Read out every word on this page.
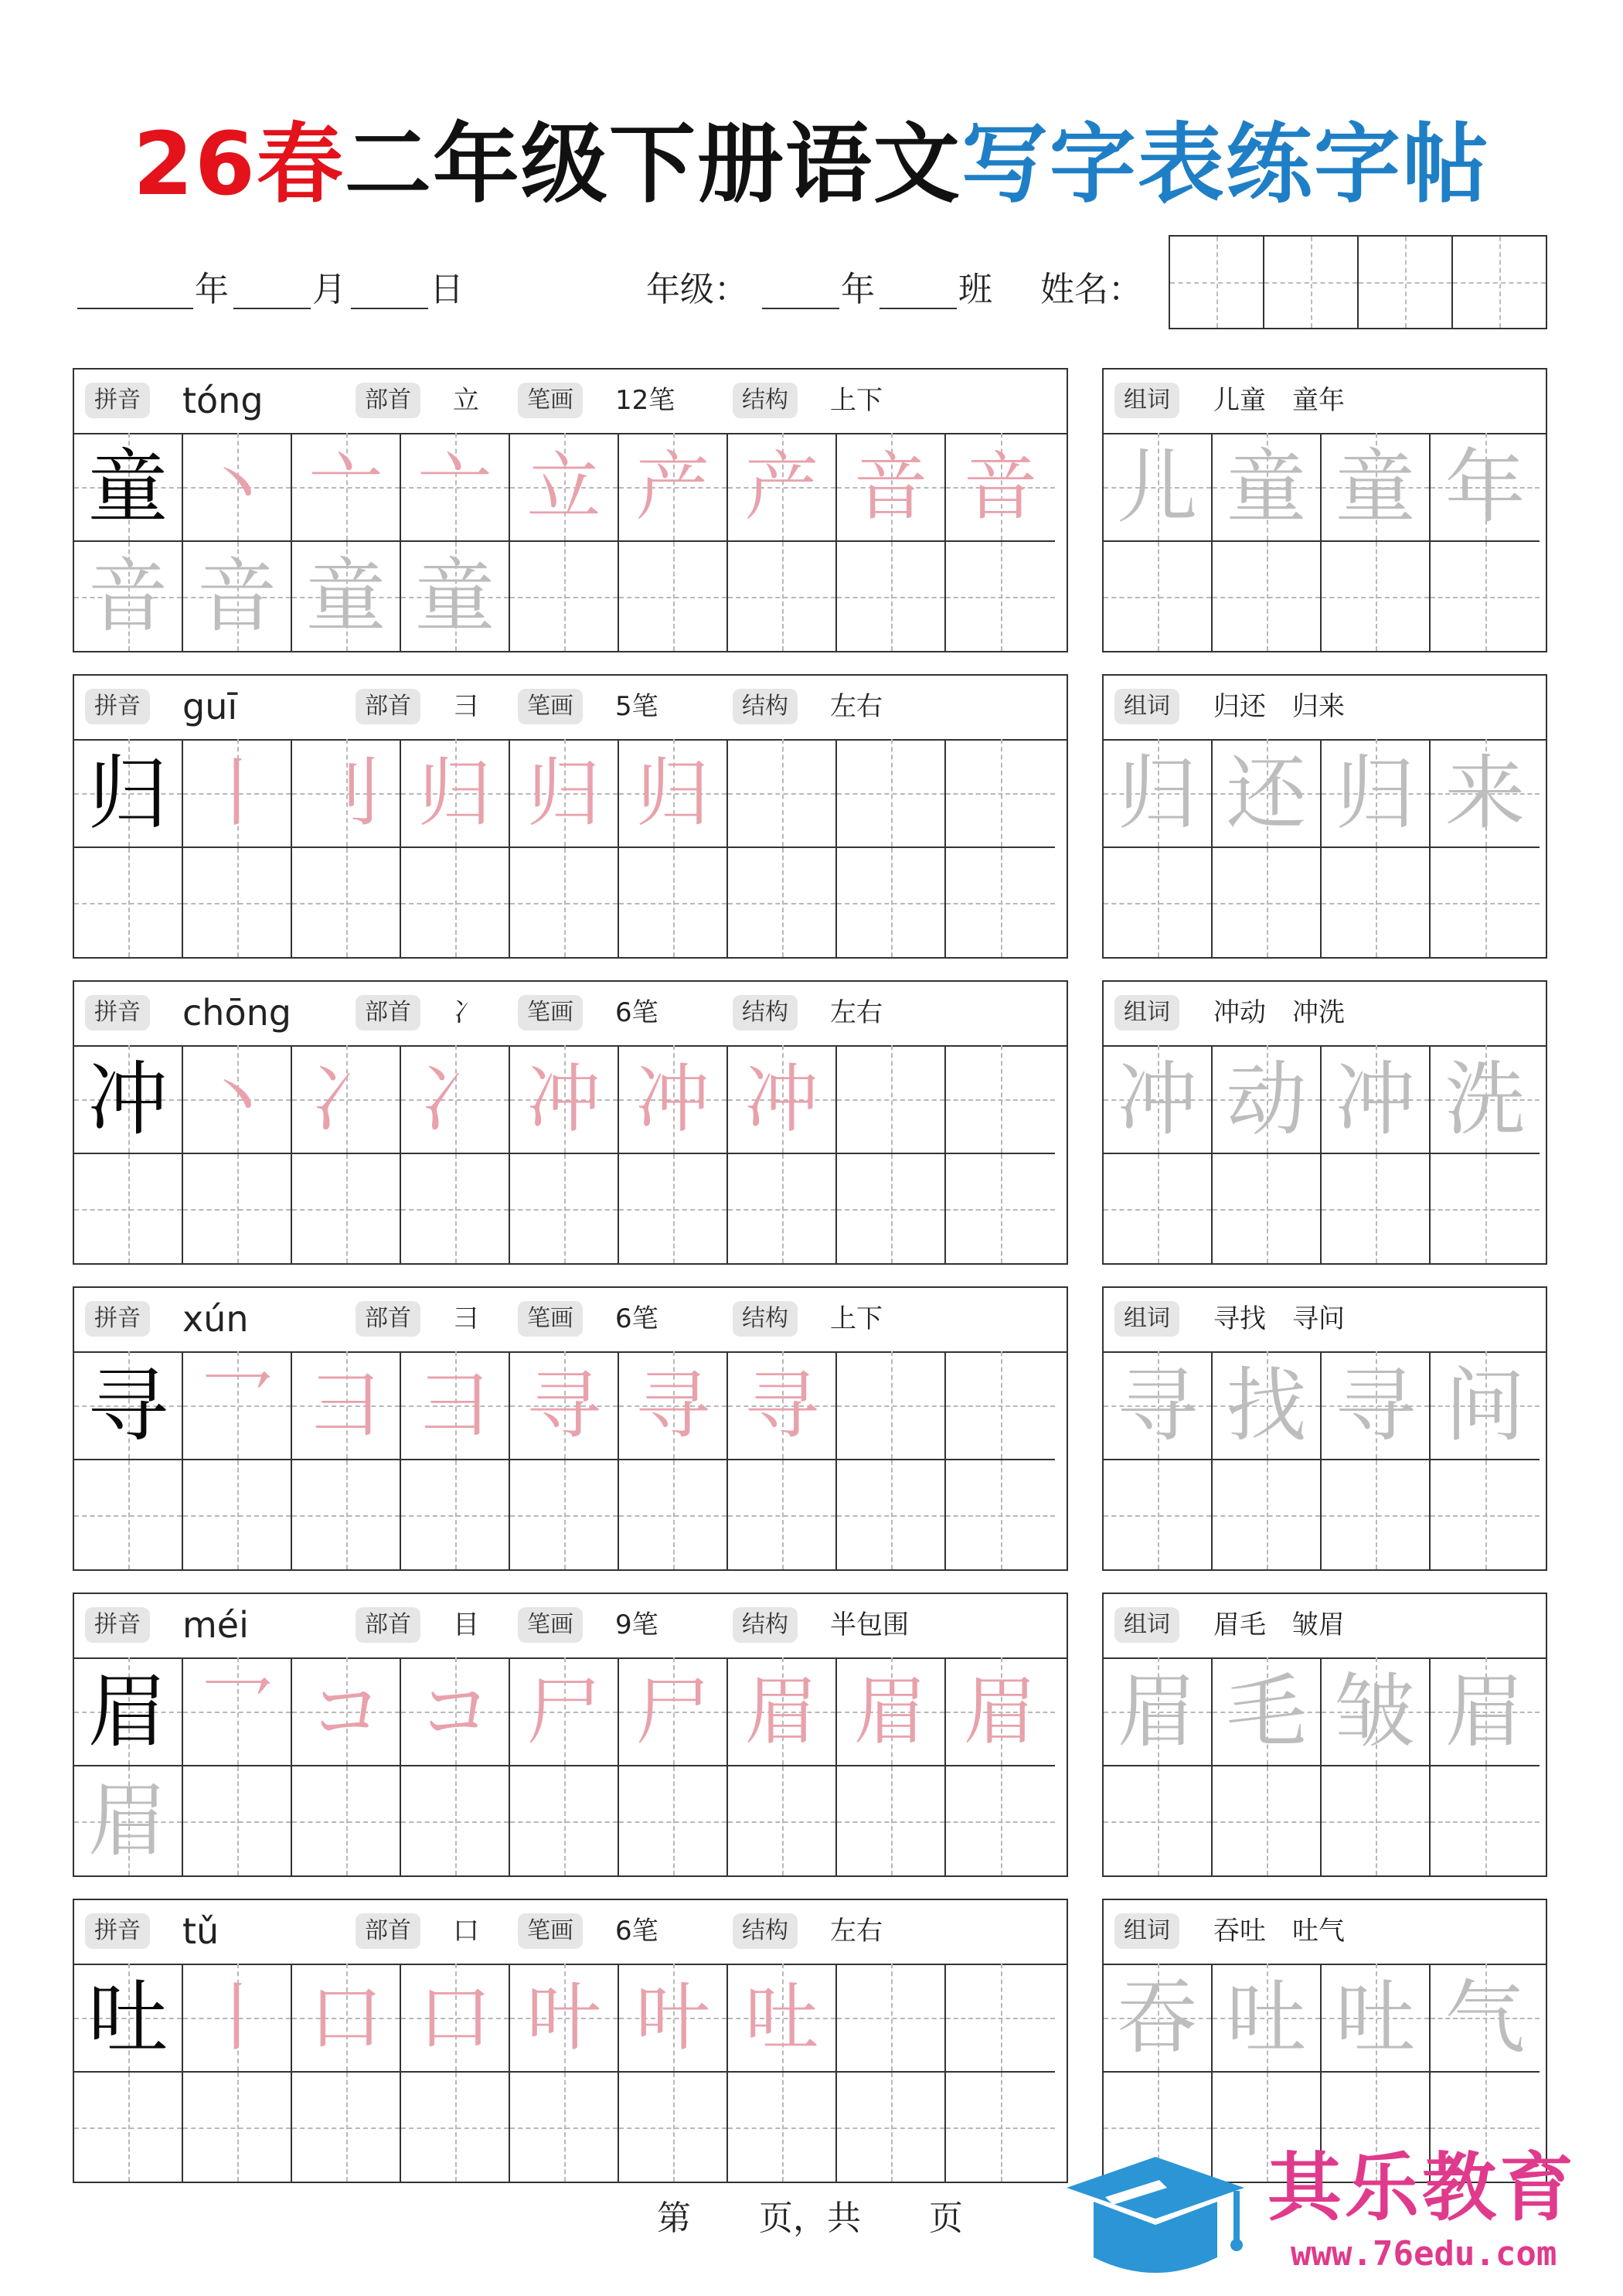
26春二年级下册语文写字表练字帖
年 月 日	年级：	年 班 姓名：
拼音 tóng	部首	立	笔画	12笔	结构	上下
童 丶 亠 亠 立 产 产 音 音
音 音 童 童
组词	儿童　童年
儿 童 童 年
拼音 guī	部首	彐	笔画	5笔	结构	左右
归 丨 刂 归 归 归
组词	归还　归来
归 还 归 来
拼音 chōng	部首	冫	笔画	6笔	结构	左右
冲 丶 冫 冫 冲 冲 冲
组词	冲动　冲洗
冲 动 冲 洗
拼音 xún	部首	彐	笔画	6笔	结构	上下
寻 乛 彐 彐 寻 寻 寻
组词	寻找　寻问
寻 找 寻 问
拼音 méi	部首	目	笔画	9笔	结构	半包围
眉 乛 コ コ 尸 尸 眉 眉 眉
眉
组词	眉毛　皱眉
眉 毛 皱 眉
拼音 tǔ	部首	口	笔画	6笔	结构	左右
吐 丨 口 口 叶 叶 吐
组词	吞吐　吐气
吞 吐 吐 气
第　　页，共　　页	其乐教育
www.76edu.com
